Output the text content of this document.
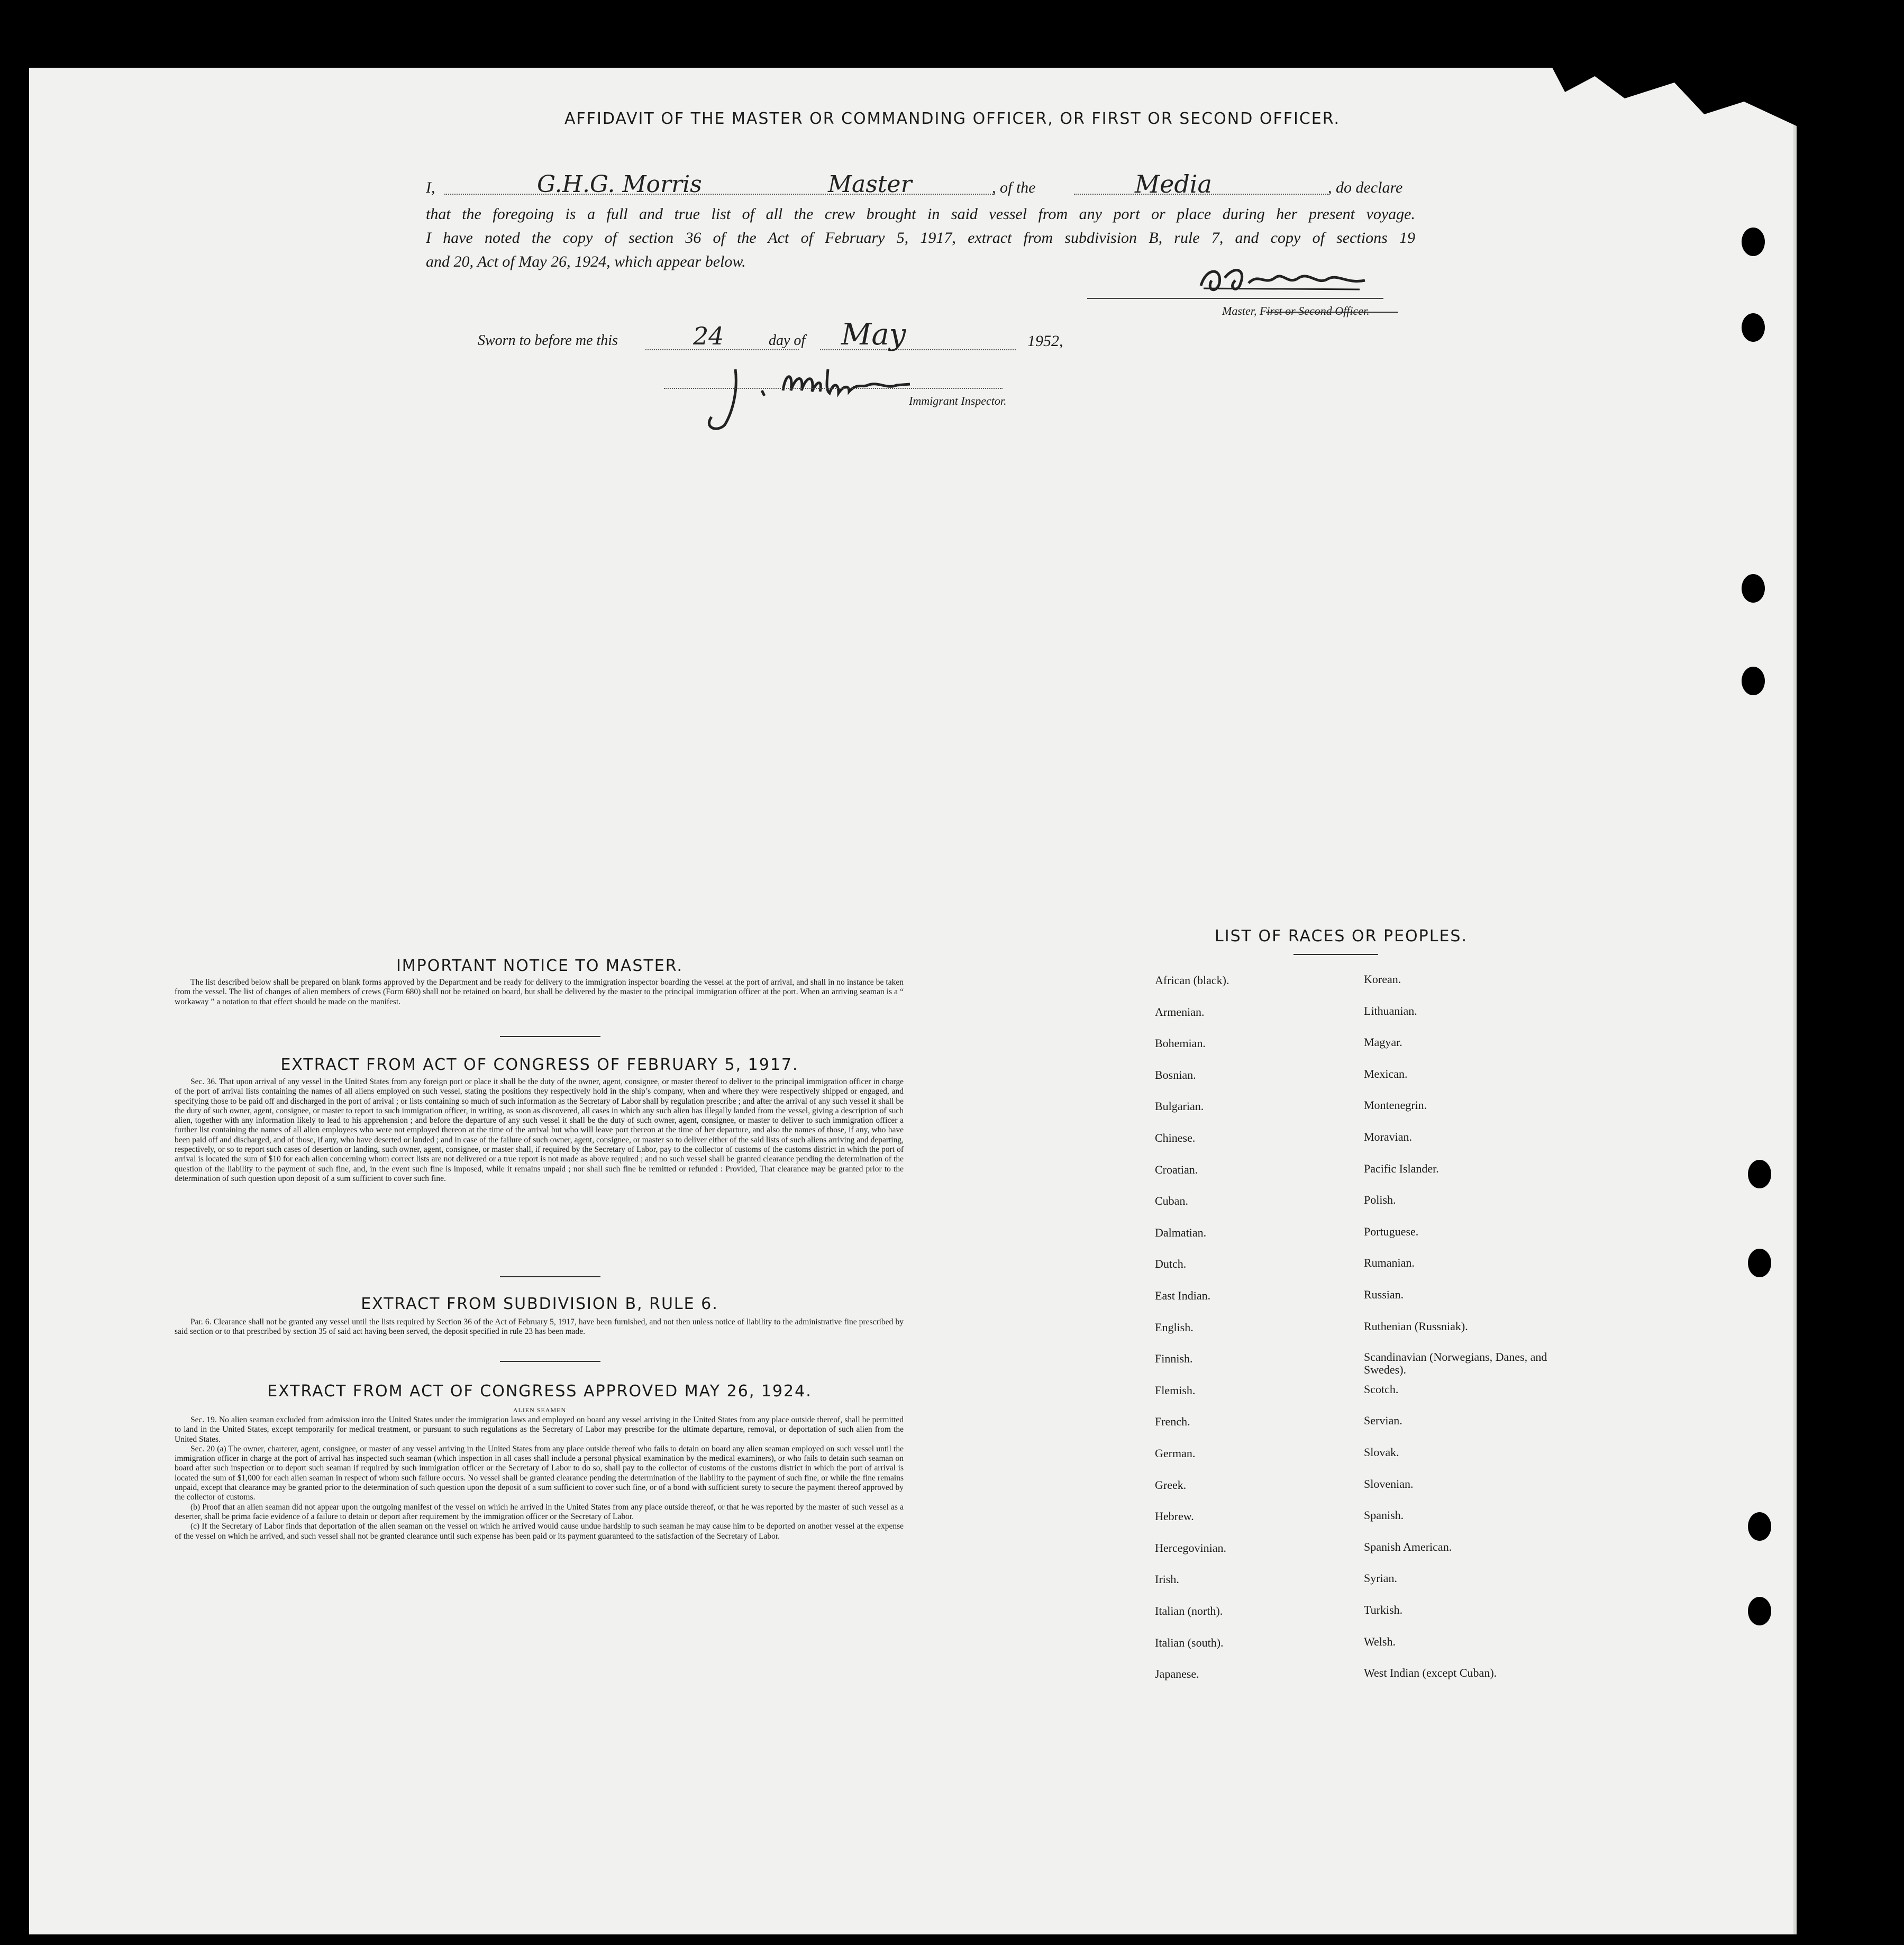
AFFIDAVIT OF THE MASTER OR COMMANDING OFFICER, OR FIRST OR SECOND OFFICER.
I,	G.H.G. Morris	Master	, of the	Media	, do declare
that the foregoing is a full and true list of all the crew brought in said vessel from any port or place during her present voyage.
I have noted the copy of section 36 of the Act of February 5, 1917, extract from subdivision B, rule 7, and copy of sections 19
and 20, Act of May 26, 1924, which appear below.
Master, First or Second Officer.
Sworn to before me this	24	day of May	1952,
Immigrant Inspector.
IMPORTANT NOTICE TO MASTER.
The list described below shall be prepared on blank forms approved by the Department and be ready for delivery to the immigration inspector boarding the vessel at the port of arrival, and shall in no instance be taken from the vessel. The list of changes of alien members of crews (Form 680) shall not be retained on board, but shall be delivered by the master to the principal immigration officer at the port. When an arriving seaman is a “ workaway ” a notation to that effect should be made on the manifest.
EXTRACT FROM ACT OF CONGRESS OF FEBRUARY 5, 1917.
Sec. 36. That upon arrival of any vessel in the United States from any foreign port or place it shall be the duty of the owner, agent, consignee, or master thereof to deliver to the principal immigration officer in charge of the port of arrival lists containing the names of all aliens employed on such vessel, stating the positions they respectively hold in the ship’s company, when and where they were respectively shipped or engaged, and specifying those to be paid off and discharged in the port of arrival ; or lists containing so much of such information as the Secretary of Labor shall by regulation prescribe ; and after the arrival of any such vessel it shall be the duty of such owner, agent, consignee, or master to report to such immigration officer, in writing, as soon as discovered, all cases in which any such alien has illegally landed from the vessel, giving a description of such alien, together with any information likely to lead to his apprehension ; and before the departure of any such vessel it shall be the duty of such owner, agent, consignee, or master to deliver to such immigration officer a further list containing the names of all alien employees who were not employed thereon at the time of the arrival but who will leave port thereon at the time of her departure, and also the names of those, if any, who have been paid off and discharged, and of those, if any, who have deserted or landed ; and in case of the failure of such owner, agent, consignee, or master so to deliver either of the said lists of such aliens arriving and departing, respectively, or so to report such cases of desertion or landing, such owner, agent, consignee, or master shall, if required by the Secretary of Labor, pay to the collector of customs of the customs district in which the port of arrival is located the sum of $10 for each alien concerning whom correct lists are not delivered or a true report is not made as above required ; and no such vessel shall be granted clearance pending the determination of the question of the liability to the payment of such fine, and, in the event such fine is imposed, while it remains unpaid ; nor shall such fine be remitted or refunded : Provided, That clearance may be granted prior to the determination of such question upon deposit of a sum sufficient to cover such fine.
EXTRACT FROM SUBDIVISION B, RULE 6.
Par. 6. Clearance shall not be granted any vessel until the lists required by Section 36 of the Act of February 5, 1917, have been furnished, and not then unless notice of liability to the administrative fine prescribed by said section or to that prescribed by section 35 of said act having been served, the deposit specified in rule 23 has been made.
EXTRACT FROM ACT OF CONGRESS APPROVED MAY 26, 1924.
ALIEN SEAMEN

Sec. 19. No alien seaman excluded from admission into the United States under the immigration laws and employed on board any vessel arriving in the United States from any place outside thereof, shall be permitted to land in the United States, except temporarily for medical treatment, or pursuant to such regulations as the Secretary of Labor may prescribe for the ultimate departure, removal, or deportation of such alien from the United States.

Sec. 20 (a) The owner, charterer, agent, consignee, or master of any vessel arriving in the United States from any place outside thereof who fails to detain on board any alien seaman employed on such vessel until the immigration officer in charge at the port of arrival has inspected such seaman (which inspection in all cases shall include a personal physical examination by the medical examiners), or who fails to detain such seaman on board after such inspection or to deport such seaman if required by such immigration officer or the Secretary of Labor to do so, shall pay to the collector of customs of the customs district in which the port of arrival is located the sum of $1,000 for each alien seaman in respect of whom such failure occurs. No vessel shall be granted clearance pending the determination of the liability to the payment of such fine, or while the fine remains unpaid, except that clearance may be granted prior to the determination of such question upon the deposit of a sum sufficient to cover such fine, or of a bond with sufficient surety to secure the payment thereof approved by the collector of customs.

(b) Proof that an alien seaman did not appear upon the outgoing manifest of the vessel on which he arrived in the United States from any place outside thereof, or that he was reported by the master of such vessel as a deserter, shall be prima facie evidence of a failure to detain or deport after requirement by the immigration officer or the Secretary of Labor.

(c) If the Secretary of Labor finds that deportation of the alien seaman on the vessel on which he arrived would cause undue hardship to such seaman he may cause him to be deported on another vessel at the expense of the vessel on which he arrived, and such vessel shall not be granted clearance until such expense has been paid or its payment guaranteed to the satisfaction of the Secretary of Labor.

LIST OF RACES OR PEOPLES.
African (black).
Armenian.
Bohemian.
Bosnian.
Bulgarian.
Chinese.
Croatian.
Cuban.
Dalmatian.
Dutch.
East Indian.
English.
Finnish.
Flemish.
French.
German.
Greek.
Hebrew.
Hercegovinian.
Irish.
Italian (north).
Italian (south).
Japanese.
Korean.
Lithuanian.
Magyar.
Mexican.
Montenegrin.
Moravian.
Pacific Islander.
Polish.
Portuguese.
Rumanian.
Russian.
Ruthenian (Russniak).
Scandinavian (Norwegians, Danes, and Swedes).
Scotch.
Servian.
Slovak.
Slovenian.
Spanish.
Spanish American.
Syrian.
Turkish.
Welsh.
West Indian (except Cuban).
